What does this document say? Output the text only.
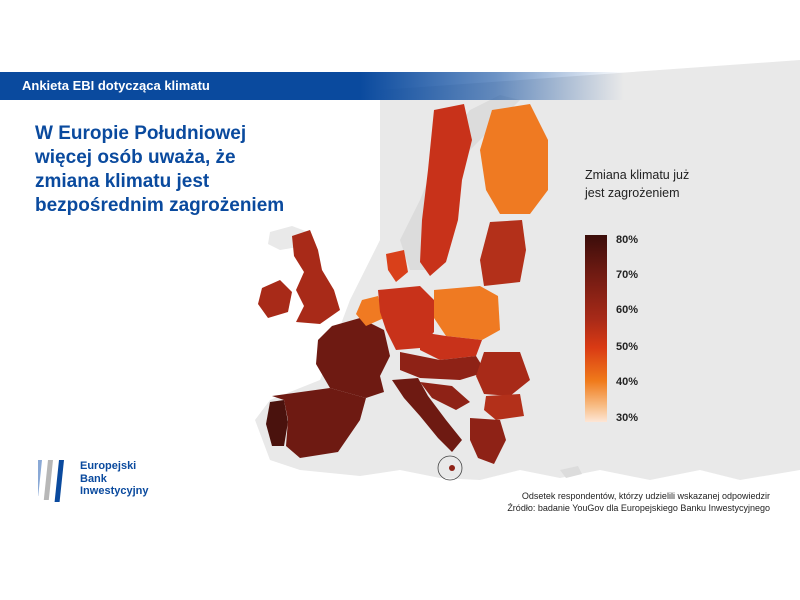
Ankieta EBI dotycząca klimatu
W Europie Południowej
więcej osób uważa, że
zmiana klimatu jest
bezpośrednim zagrożeniem
Zmiana klimatu już
jest zagrożeniem
80%
70%
60%
50%
40%
30%
Europejski
Bank
Inwestycyjny	Odsetek respondentów, którzy udzielili wskazanej odpowiedzir
Źródło: badanie YouGov dla Europejskiego Banku Inwestycyjnego
